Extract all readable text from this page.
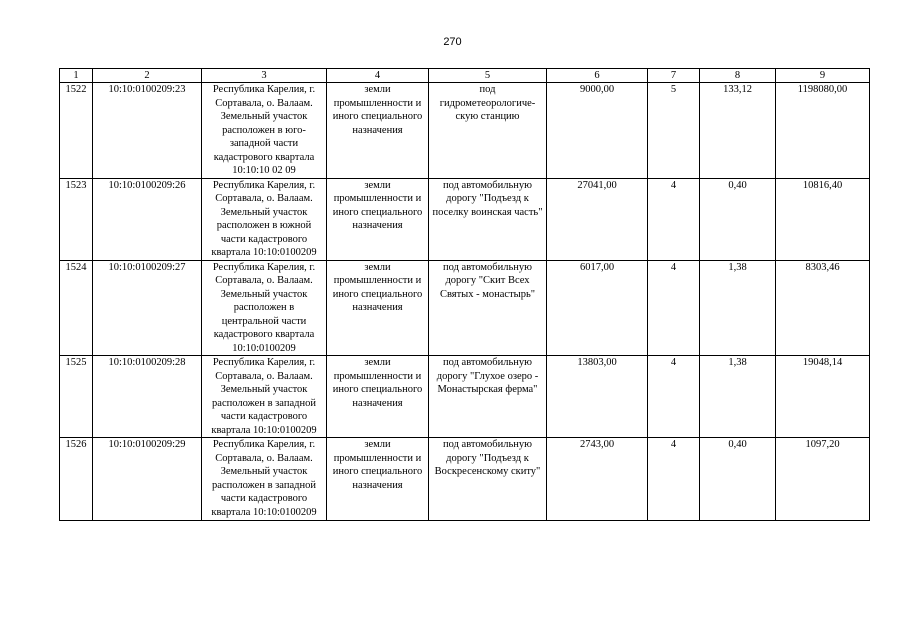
270
1	2	3	4	5	6	7	8	9
1522	10:10:0100209:23	Республика Карелия, г. Сортавала, о. Валаам. Земельный участок расположен в юго-западной части кадастрового квартала 10:10:10 02 09	земли промышленности и иного специального назначения	под гидрометеорологиче-скую станцию	9000,00	5	133,12	1198080,00
1523	10:10:0100209:26	Республика Карелия, г. Сортавала, о. Валаам. Земельный участок расположен в южной части кадастрового квартала 10:10:0100209	земли промышленности и иного специального назначения	под автомобильную дорогу "Подъезд к поселку воинская часть"	27041,00	4	0,40	10816,40
1524	10:10:0100209:27	Республика Карелия, г. Сортавала, о. Валаам. Земельный участок расположен в центральной части кадастрового квартала 10:10:0100209	земли промышленности и иного специального назначения	под автомобильную дорогу "Скит Всех Святых - монастырь"	6017,00	4	1,38	8303,46
1525	10:10:0100209:28	Республика Карелия, г. Сортавала, о. Валаам. Земельный участок расположен в западной части кадастрового квартала 10:10:0100209	земли промышленности и иного специального назначения	под автомобильную дорогу "Глухое озеро - Монастырская ферма"	13803,00	4	1,38	19048,14
1526	10:10:0100209:29	Республика Карелия, г. Сортавала, о. Валаам. Земельный участок расположен в западной части кадастрового квартала 10:10:0100209	земли промышленности и иного специального назначения	под автомобильную дорогу "Подъезд к Воскресенскому скиту"	2743,00	4	0,40	1097,20
